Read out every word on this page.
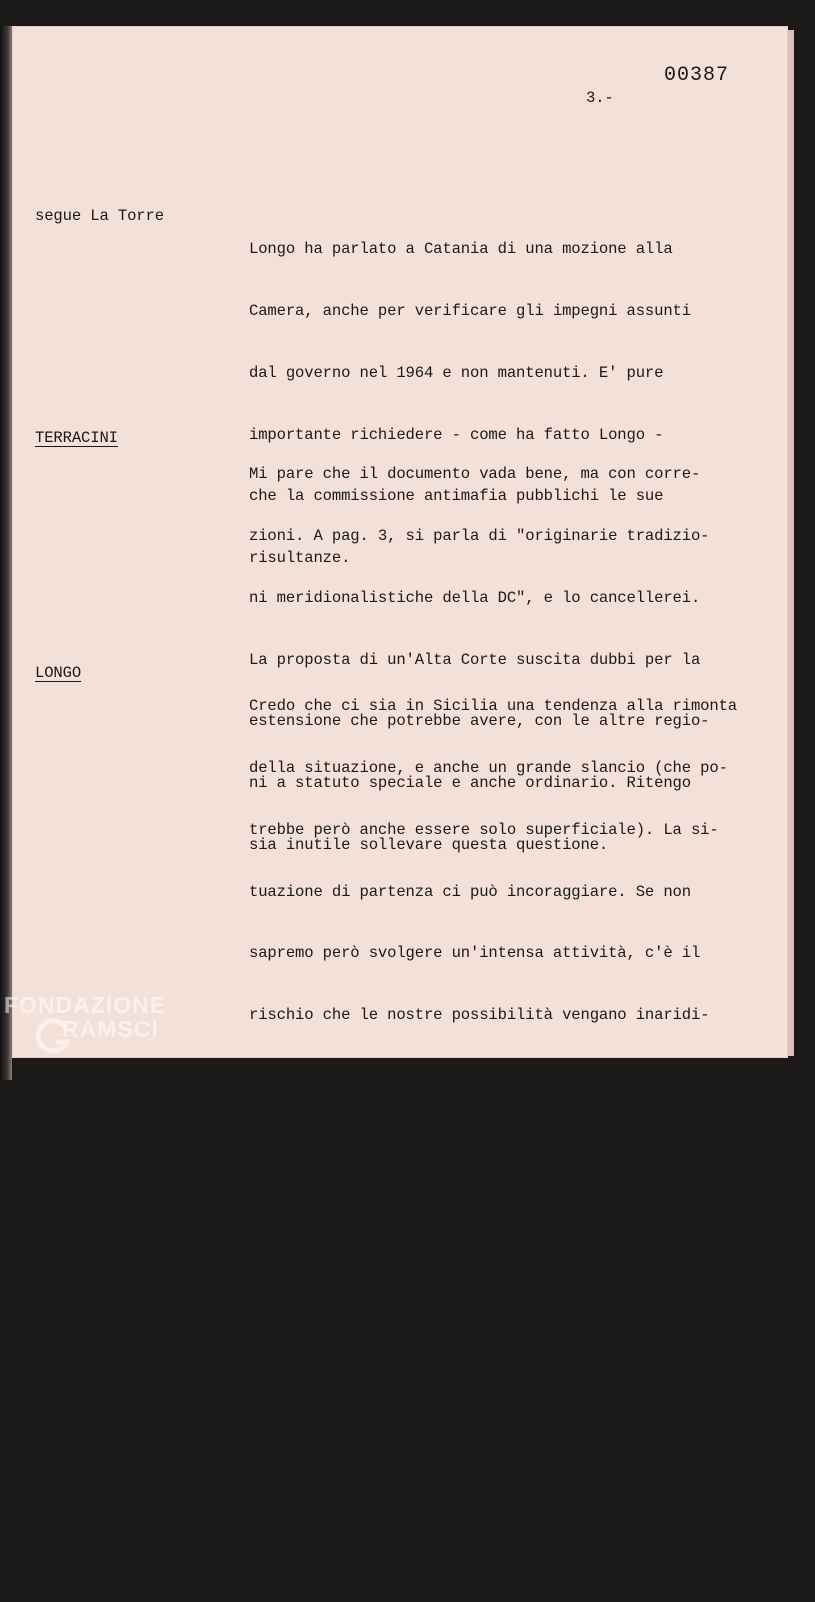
00387
3.-
segue La Torre

Longo ha parlato a Catania di una mozione alla

Camera, anche per verificare gli impegni assunti

dal governo nel 1964 e non mantenuti. E' pure

importante richiedere - come ha fatto Longo -

che la commissione antimafia pubblichi le sue

risultanze.

TERRACINI

Mi pare che il documento vada bene, ma con corre-

zioni. A pag. 3, si parla di "originarie tradizio-

ni meridionalistiche della DC", e lo cancellerei.

La proposta di un'Alta Corte suscita dubbi per la

estensione che potrebbe avere, con le altre regio-

ni a statuto speciale e anche ordinario. Ritengo

sia inutile sollevare questa questione.

LONGO

Credo che ci sia in Sicilia una tendenza alla rimonta

della situazione, e anche un grande slancio (che po-

trebbe però anche essere solo superficiale). La si-

tuazione di partenza ci può incoraggiare. Se non

sapremo però svolgere un'intensa attività, c'è il

rischio che le nostre possibilità vengano inaridi-

te. Mi sembra anche,però, che ci sia una sottova-

lutazione, tra i compagni dirigenti, di fatti

come quelli di Trapani. Manca ancora - nella nostra

impostazione, e anche nel documento - l'asse centra-

le di lotta : qualcosa, cioè, che mobiliti, e in

modo clamoroso. Dobbiamo tendere a dare uno sbocco

positivo di lotta a questo malcontento che è esteso.

Ci sono manifestazioni in atto : e mi pare, ad esem-

pio, che abbiamo sottovalutato la marcia di Dolci.

FONDAZIONE
RAMSCI
